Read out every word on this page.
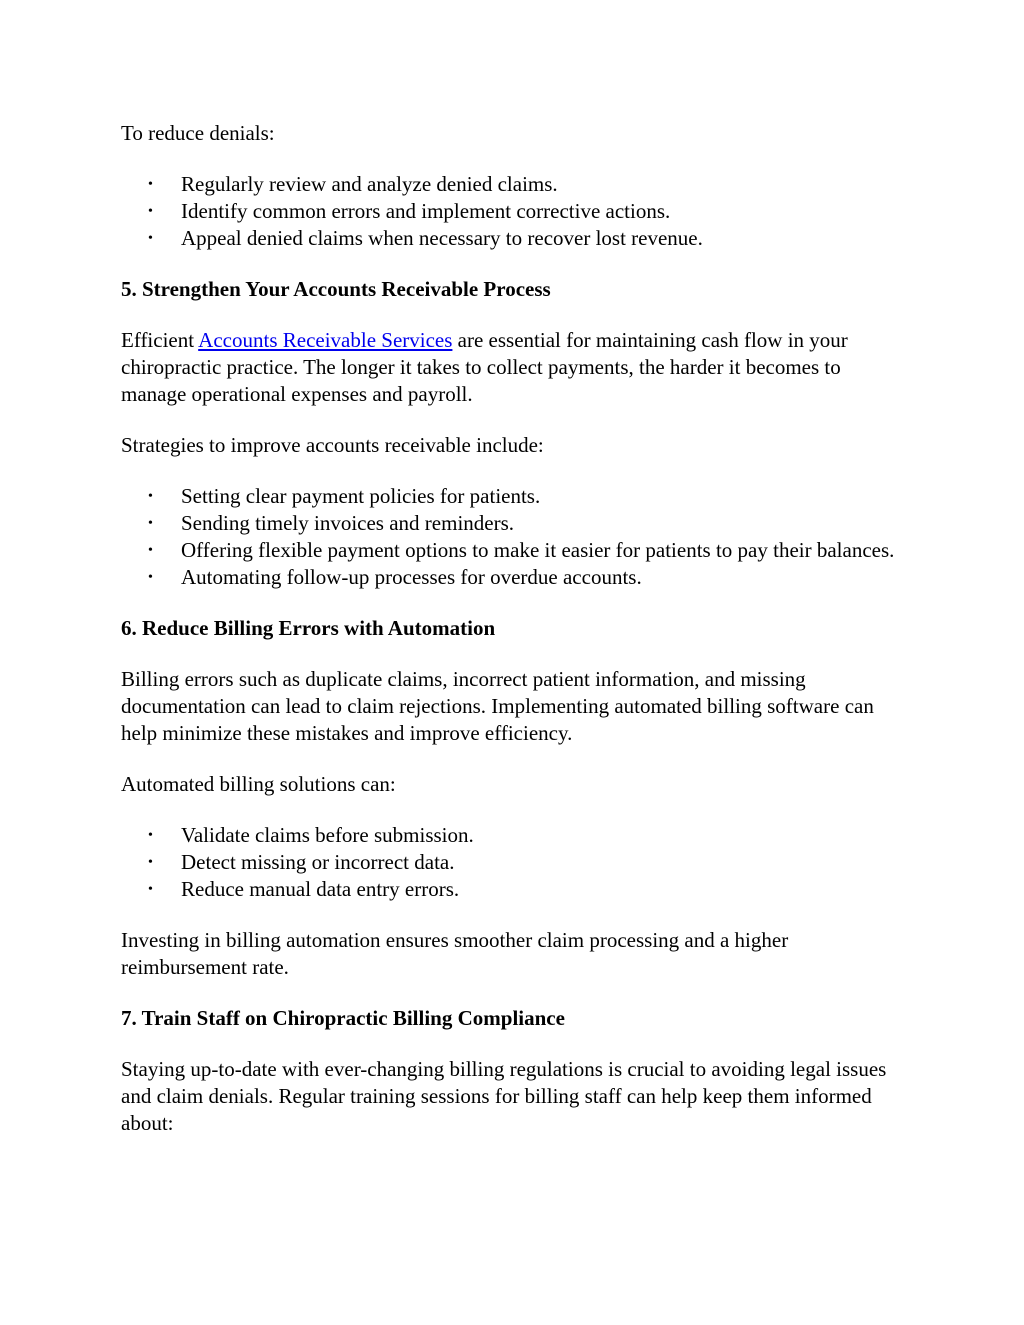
To reduce denials:

• Regularly review and analyze denied claims.
• Identify common errors and implement corrective actions.
• Appeal denied claims when necessary to recover lost revenue.
5. Strengthen Your Accounts Receivable Process

Efficient Accounts Receivable Services are essential for maintaining cash flow in your chiropractic practice. The longer it takes to collect payments, the harder it becomes to manage operational expenses and payroll.

Strategies to improve accounts receivable include:

• Setting clear payment policies for patients.
• Sending timely invoices and reminders.
• Offering flexible payment options to make it easier for patients to pay their balances.
• Automating follow-up processes for overdue accounts.
6. Reduce Billing Errors with Automation

Billing errors such as duplicate claims, incorrect patient information, and missing documentation can lead to claim rejections. Implementing automated billing software can help minimize these mistakes and improve efficiency.

Automated billing solutions can:

• Validate claims before submission.
• Detect missing or incorrect data.
• Reduce manual data entry errors.

Investing in billing automation ensures smoother claim processing and a higher reimbursement rate.

7. Train Staff on Chiropractic Billing Compliance

Staying up-to-date with ever-changing billing regulations is crucial to avoiding legal issues and claim denials. Regular training sessions for billing staff can help keep them informed about:
